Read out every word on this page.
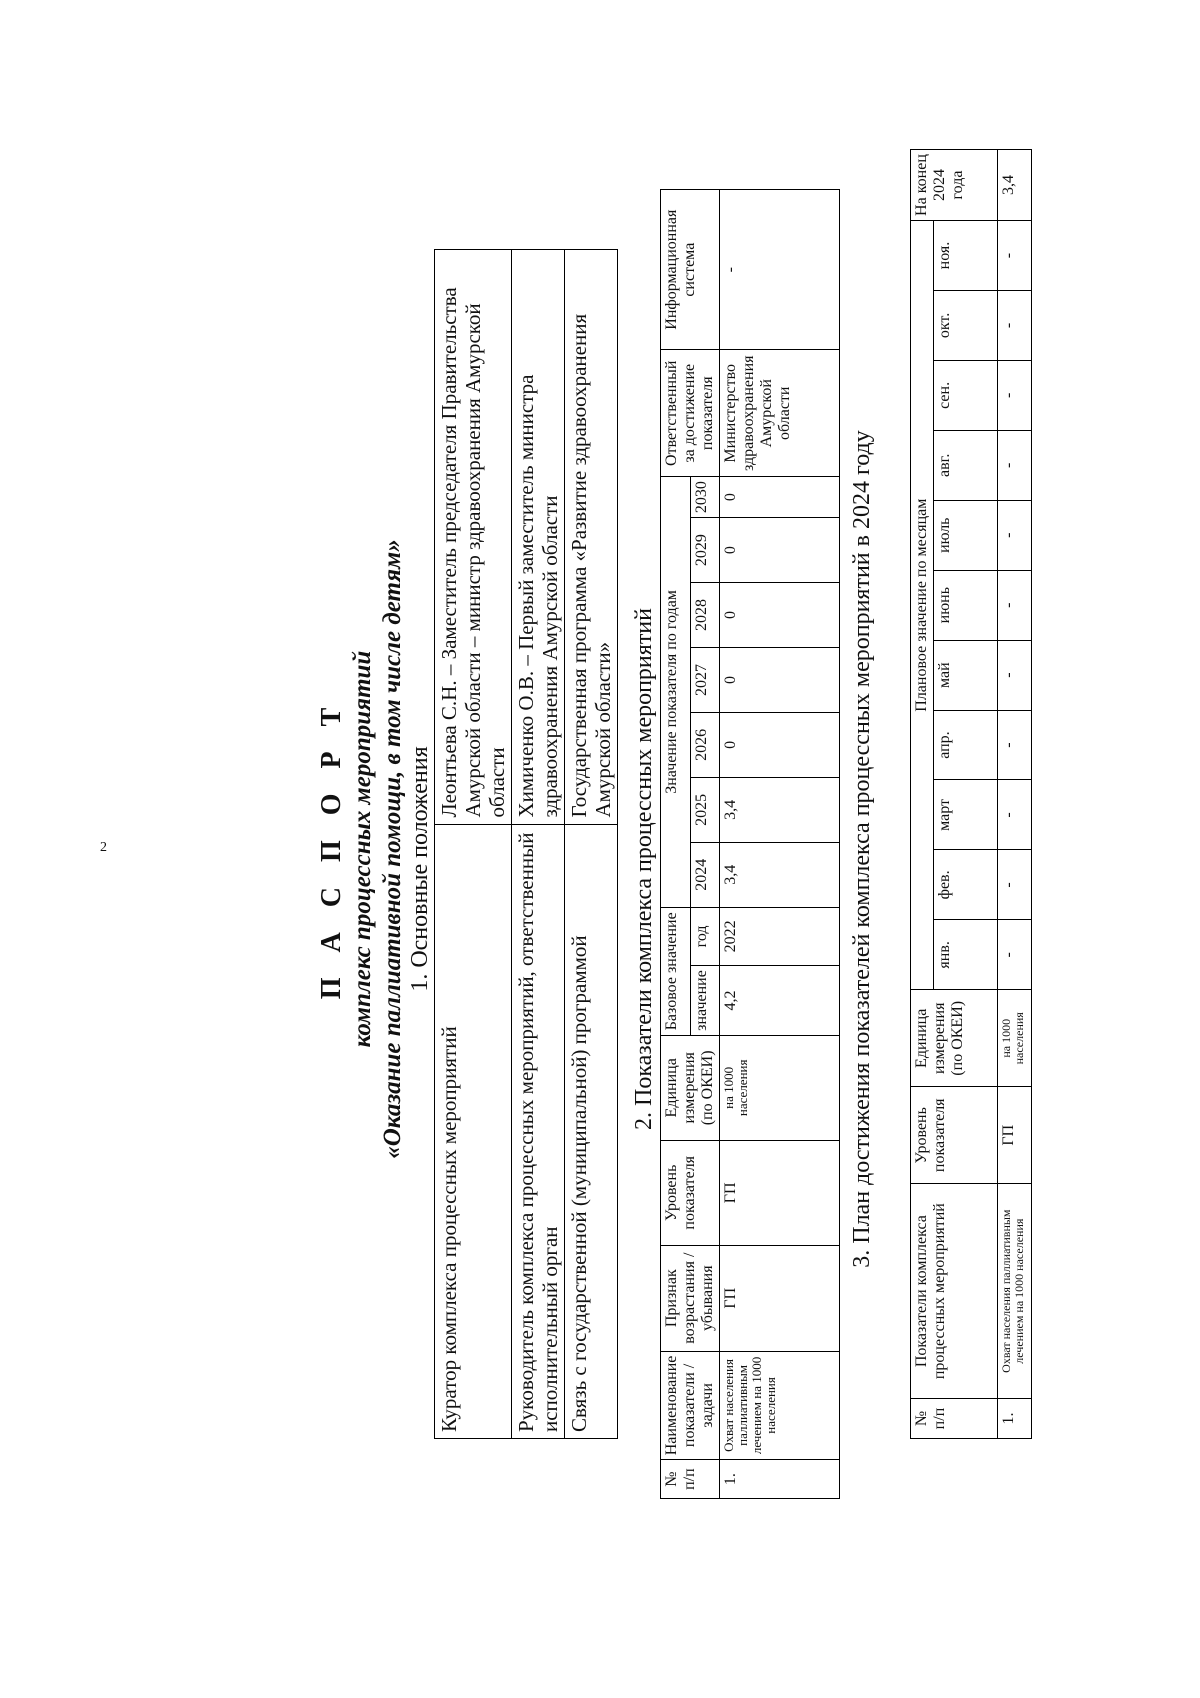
2	П А С П О Р Т комплекс процессных мероприятий «Оказание паллиативной помощи, в том числе детям» 1. Основные положения
Куратор комплекса процессных мероприятий	Леонтьева С.Н. – Заместитель председателя Правительства Амурской области – министр здравоохранения Амурской области
Руководитель комплекса процессных мероприятий, ответственный исполнительный орган	Химиченко О.В. – Первый заместитель министра здравоохранения Амурской области
Связь с государственной (муниципальной) программой	Государственная программа «Развитие здравоохранения Амурской области» 2. Показатели комплекса процессных мероприятий
№ п/п	Наименование показатели /задачи	Признак возрастания / убывания	Уровень показателя	Единица измерения (по ОКЕИ)	Базовое значение		Значение показателя по годам							Ответственный за достижение показателя	Информационная система
					значение	год	2024	2025	2026	2027	2028	2029	2030		
1.	Охват населения паллиативным лечением на 1000 населения	ГП	ГП	на 1000 населения	4,2	2022	3,4	3,4	0	0	0	0	0	Министерство здравоохранения Амурской области	-
3. План достижения показателей комплекса процессных мероприятий в 2024 году
№ п/п	Показатели комплекса процессных мероприятий	Уровень показателя	Единица измерения (по ОКЕИ)	Плановое значение по месяцам											На конец 2024 года
				янв.	фев.	март	апр.	май	июнь	июль	авг.	сен.	окт.	ноя.	
1.	Охват населения паллиативным лечением на 1000 населения	ГП	на 1000 населения	-	-	-	-	-	-	-	-	-	-	-	3,4
